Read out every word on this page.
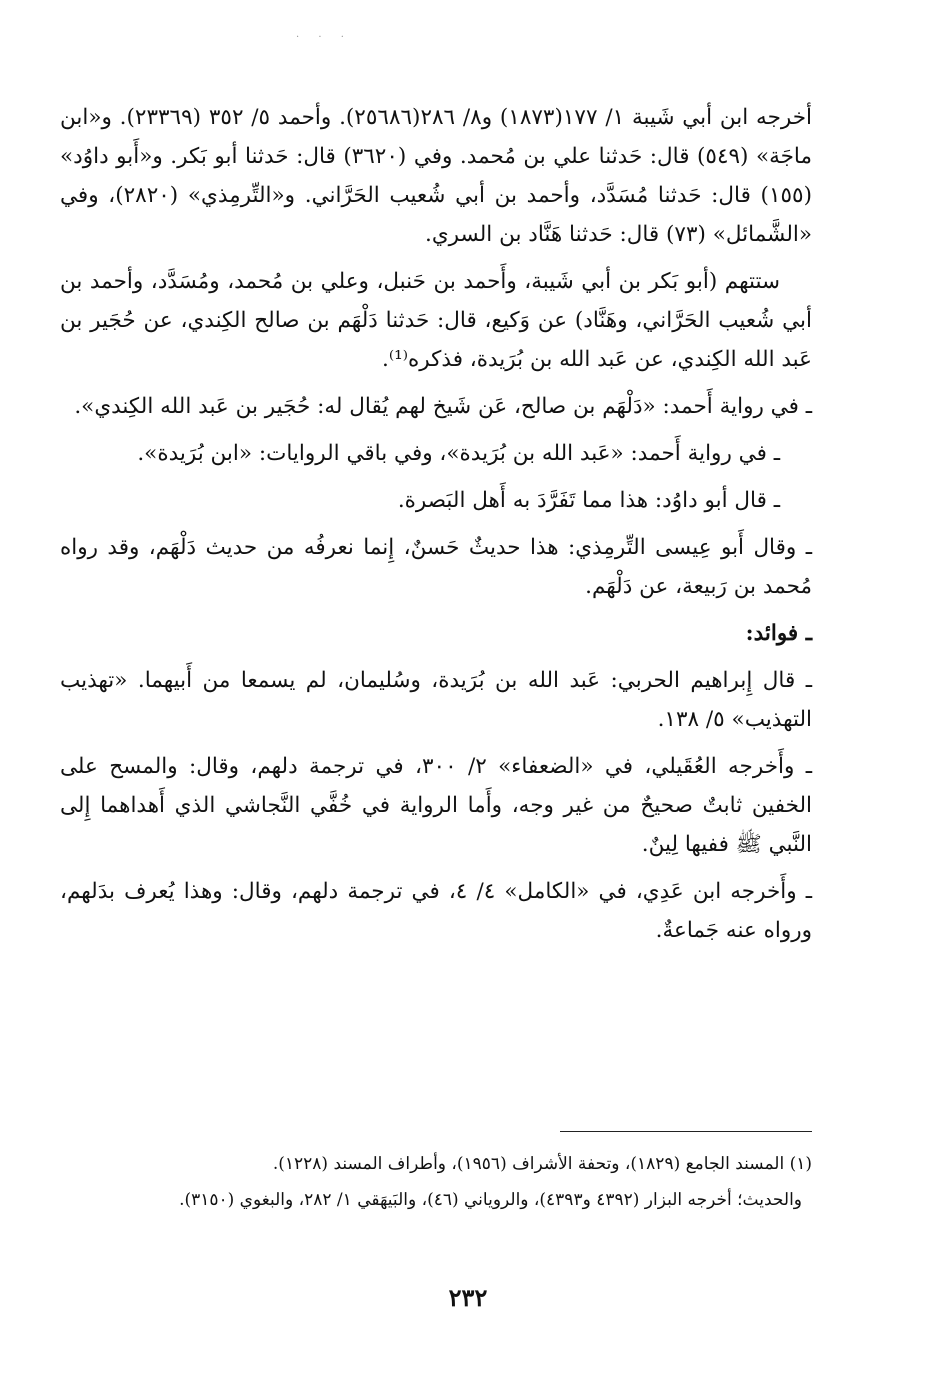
· · ·

أخرجه ابن أبي شَيبة ١/ ١٧٧(١٨٧٣) و٨/ ٢٨٦(٢٥٦٨٦). وأحمد ٥/ ٣٥٢ (٢٣٣٦٩). و«ابن ماجَة» (٥٤٩) قال: حَدثنا علي بن مُحمد. وفي (٣٦٢٠) قال: حَدثنا أبو بَكر. و«أَبو داوُد» (١٥٥) قال: حَدثنا مُسَدَّد، وأحمد بن أبي شُعيب الحَرَّاني. و«التِّرمِذي» (٢٨٢٠)، وفي «الشَّمائل» (٧٣) قال: حَدثنا هَنَّاد بن السري.

ستتهم (أبو بَكر بن أبي شَيبة، وأَحمد بن حَنبل، وعلي بن مُحمد، ومُسَدَّد، وأحمد بن أبي شُعيب الحَرَّاني، وهَنَّاد) عن وَكيع، قال: حَدثنا دَلْهَم بن صالح الكِندي، عن حُجَير بن عَبد الله الكِندي، عن عَبد الله بن بُرَيدة، فذكره⁽¹⁾.

ـ في رواية أَحمد: «دَلْهَم بن صالح، عَن شَيخ لهم يُقال له: حُجَير بن عَبد الله الكِندي».

ـ في رواية أَحمد: «عَبد الله بن بُرَيدة»، وفي باقي الروايات: «ابن بُرَيدة».

ـ قال أبو داوُد: هذا مما تَفَرَّدَ به أَهل البَصرة.

ـ وقال أَبو عِيسى التِّرمِذي: هذا حديثٌ حَسنٌ، إِنما نعرفُه من حديث دَلْهَم، وقد رواه مُحمد بن رَبيعة، عن دَلْهَم.

ـ فوائد:

ـ قال إِبراهيم الحربي: عَبد الله بن بُرَيدة، وسُليمان، لم يسمعا من أَبيهما. «تهذيب التهذيب» ٥/ ١٣٨.

ـ وأَخرجه العُقَيلي، في «الضعفاء» ٢/ ٣٠٠، في ترجمة دلهم، وقال: والمسح على الخفين ثابتٌ صحيحٌ من غير وجه، وأَما الرواية في خُفَّي النَّجاشي الذي أَهداهما إِلى النَّبي ﷺ ففيها لِينٌ.

ـ وأَخرجه ابن عَدِي، في «الكامل» ٤/ ٤، في ترجمة دلهم، وقال: وهذا يُعرف بدَلهم، ورواه عنه جَماعةٌ.

(١) المسند الجامع (١٨٢٩)، وتحفة الأشراف (١٩٥٦)، وأطراف المسند (١٢٢٨).

والحديث؛ أخرجه البزار (٤٣٩٢ و٤٣٩٣)، والروياني (٤٦)، والبَيهَقي ١/ ٢٨٢، والبغوي (٣١٥٠).

٢٣٢
